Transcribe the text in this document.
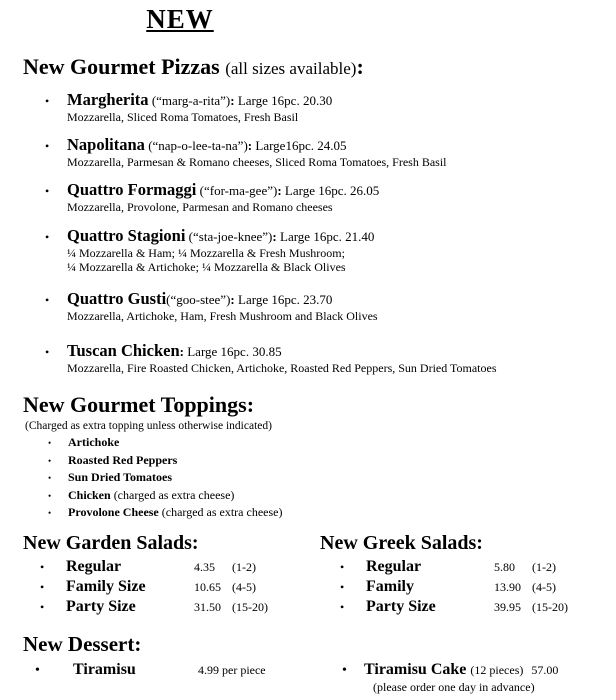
NEW
New Gourmet Pizzas (all sizes available):
• Margherita (“marg-a-rita”): Large 16pc. 20.30
Mozzarella, Sliced Roma Tomatoes, Fresh Basil
• Napolitana (“nap-o-lee-ta-na”): Large16pc. 24.05
Mozzarella, Parmesan & Romano cheeses, Sliced Roma Tomatoes, Fresh Basil
• Quattro Formaggi (“for-ma-gee”): Large 16pc. 26.05
Mozzarella, Provolone, Parmesan and Romano cheeses
• Quattro Stagioni (“sta-joe-knee”): Large 16pc. 21.40
¼ Mozzarella & Ham; ¼ Mozzarella & Fresh Mushroom;
¼ Mozzarella & Artichoke; ¼ Mozzarella & Black Olives
• Quattro Gusti(“goo-stee”): Large 16pc. 23.70
Mozzarella, Artichoke, Ham, Fresh Mushroom and Black Olives
• Tuscan Chicken: Large 16pc. 30.85
Mozzarella, Fire Roasted Chicken, Artichoke, Roasted Red Peppers, Sun Dried Tomatoes
New Gourmet Toppings:
(Charged as extra topping unless otherwise indicated)
• Artichoke
• Roasted Red Peppers
• Sun Dried Tomatoes
• Chicken (charged as extra cheese)
• Provolone Cheese (charged as extra cheese)
New Garden Salads:
• Regular	4.35 (1-2)
• Family Size	10.65 (4-5)
• Party Size	31.50 (15-20)
New Greek Salads:
• Regular	5.80 (1-2)
• Family	13.90 (4-5)
• Party Size	39.95 (15-20)
New Dessert:
• Tiramisu	4.99 per piece	• Tiramisu Cake (12 pieces) 57.00
(please order one day in advance)
